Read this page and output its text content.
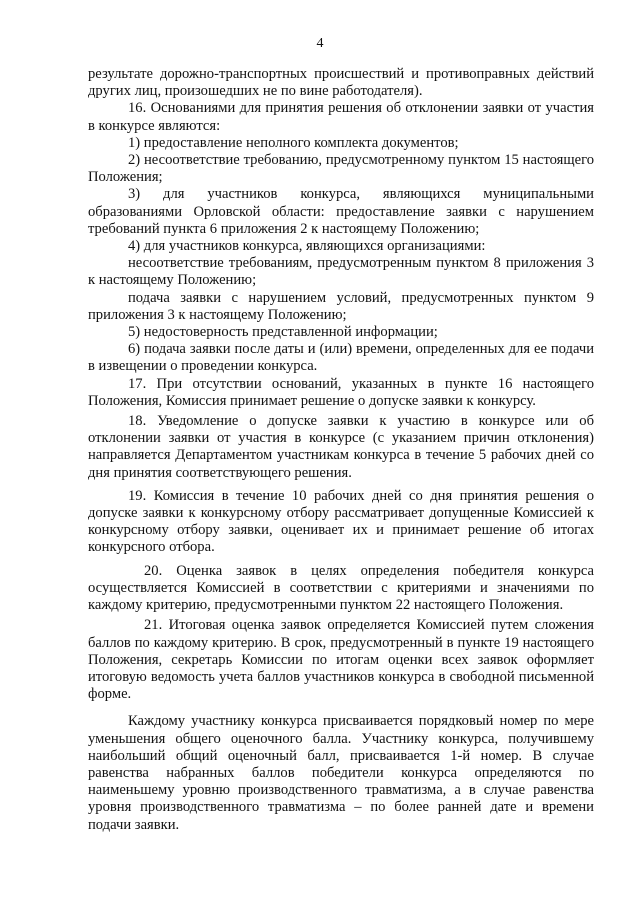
4

результате дорожно-транспортных происшествий и противоправных действий других лиц, произошедших не по вине работодателя).

16. Основаниями для принятия решения об отклонении заявки от участия в конкурсе являются:

1) предоставление неполного комплекта документов;

2) несоответствие требованию, предусмотренному пунктом 15 настоящего Положения;

3) для участников конкурса, являющихся муниципальными образованиями Орловской области: предоставление заявки с нарушением требований пункта 6 приложения 2 к настоящему Положению;

4) для участников конкурса, являющихся организациями:

несоответствие требованиям, предусмотренным пунктом 8 приложения 3 к настоящему Положению;

подача заявки с нарушением условий, предусмотренных пунктом 9 приложения 3 к настоящему Положению;

5) недостоверность представленной информации;

6) подача заявки после даты и (или) времени, определенных для ее подачи в извещении о проведении конкурса.

17. При отсутствии оснований, указанных в пункте 16 настоящего Положения, Комиссия принимает решение о допуске заявки к конкурсу.

18. Уведомление о допуске заявки к участию в конкурсе или об отклонении заявки от участия в конкурсе (с указанием причин отклонения) направляется Департаментом участникам конкурса в течение 5 рабочих дней со дня принятия соответствующего решения.

19. Комиссия в течение 10 рабочих дней со дня принятия решения о допуске заявки к конкурсному отбору рассматривает допущенные Комиссией к конкурсному отбору заявки, оценивает их и принимает решение об итогах конкурсного отбора.

20. Оценка заявок в целях определения победителя конкурса осуществляется Комиссией в соответствии с критериями и значениями по каждому критерию, предусмотренными пунктом 22 настоящего Положения.

21. Итоговая оценка заявок определяется Комиссией путем сложения баллов по каждому критерию. В срок, предусмотренный в пункте 19 настоящего Положения, секретарь Комиссии по итогам оценки всех заявок оформляет итоговую ведомость учета баллов участников конкурса в свободной письменной форме.

Каждому участнику конкурса присваивается порядковый номер по мере уменьшения общего оценочного балла. Участнику конкурса, получившему наибольший общий оценочный балл, присваивается 1-й номер. В случае равенства набранных баллов победители конкурса определяются по наименьшему уровню производственного травматизма, а в случае равенства уровня производственного травматизма – по более ранней дате и времени подачи заявки.
